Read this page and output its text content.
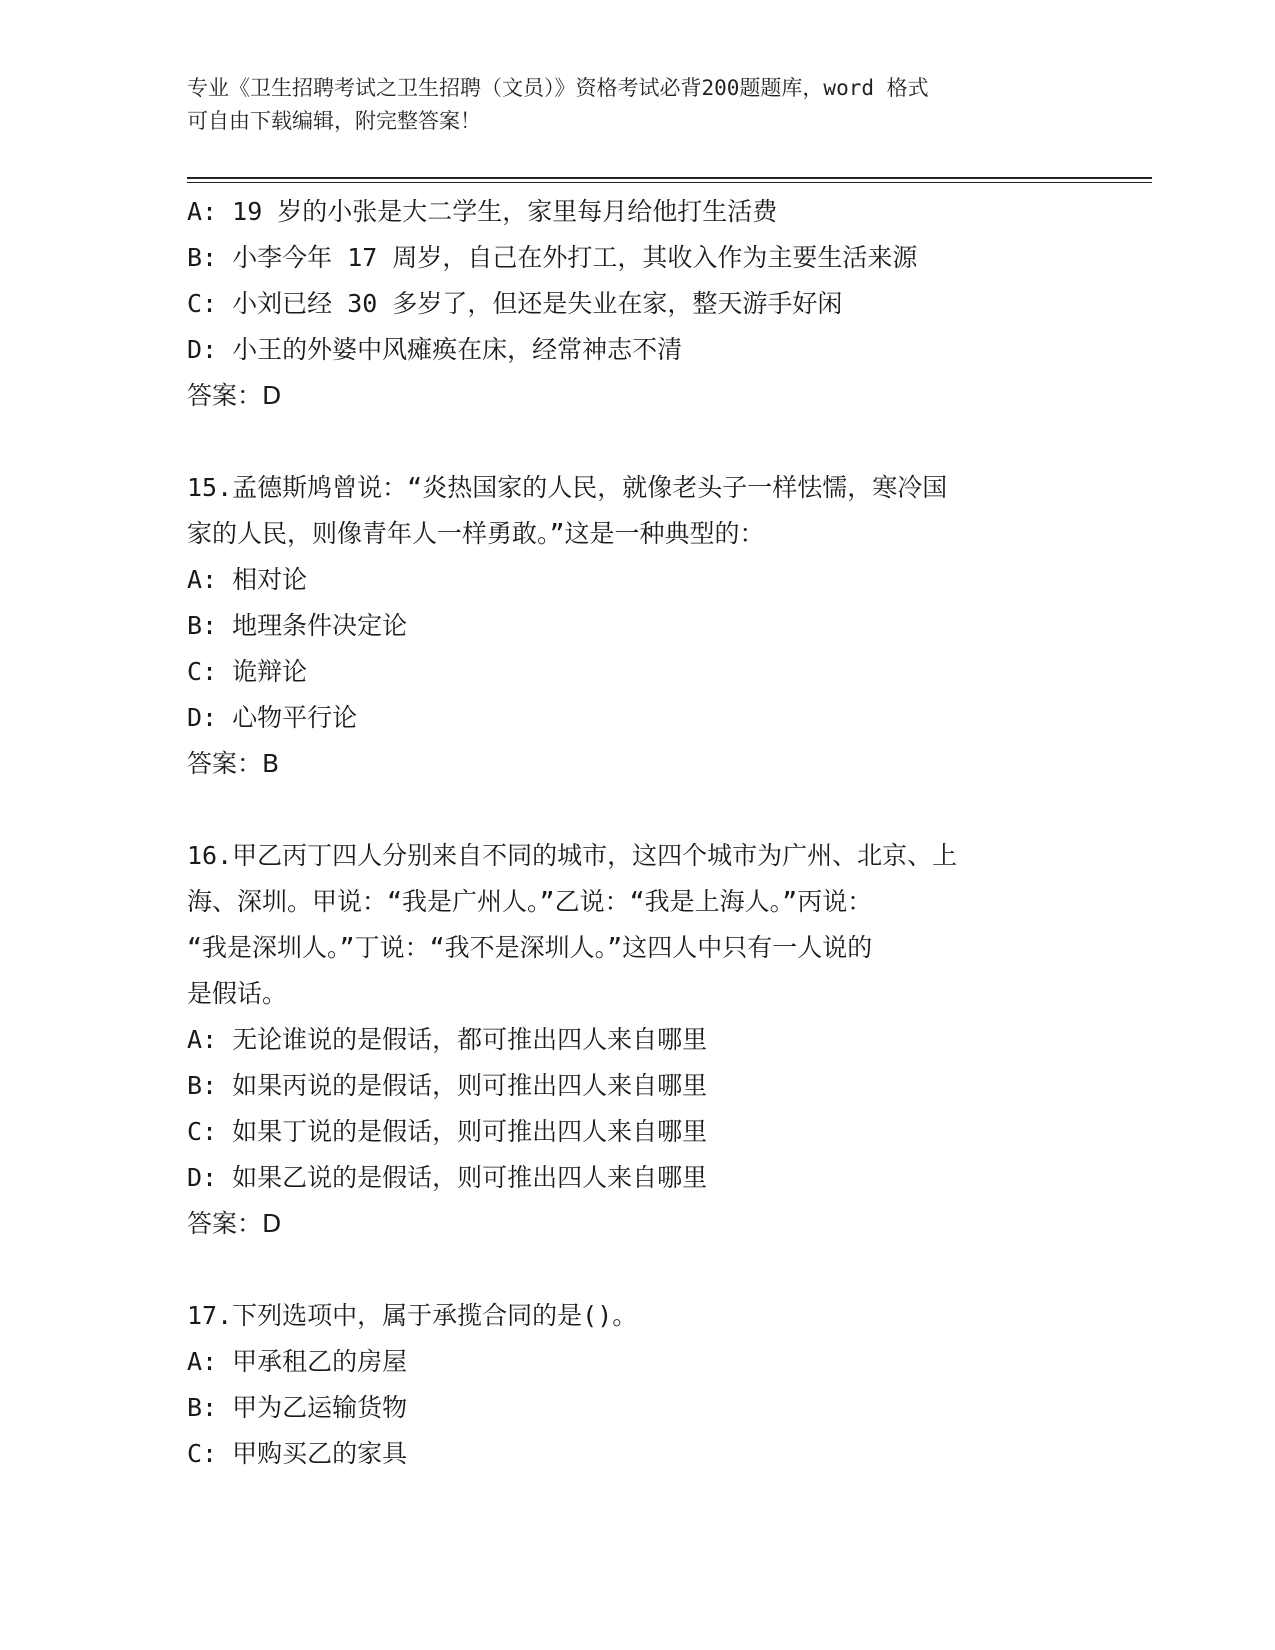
专业《卫生招聘考试之卫生招聘（文员）》资格考试必背200题题库，word 格式
可自由下载编辑，附完整答案！
A: 19 岁的小张是大二学生，家里每月给他打生活费
B: 小李今年 17 周岁，自己在外打工，其收入作为主要生活来源
C: 小刘已经 30 多岁了，但还是失业在家，整天游手好闲
D: 小王的外婆中风瘫痪在床，经常神志不清
答案：D
15.孟德斯鸠曾说：“炎热国家的人民，就像老头子一样怯懦，寒冷国
家的人民，则像青年人一样勇敢。”这是一种典型的：
A: 相对论
B: 地理条件决定论
C: 诡辩论
D: 心物平行论
答案：B
16.甲乙丙丁四人分别来自不同的城市，这四个城市为广州、北京、上
海、深圳。甲说：“我是广州人。”乙说：“我是上海人。”丙说：
“我是深圳人。”丁说：“我不是深圳人。”这四人中只有一人说的
是假话。
A: 无论谁说的是假话，都可推出四人来自哪里
B: 如果丙说的是假话，则可推出四人来自哪里
C: 如果丁说的是假话，则可推出四人来自哪里
D: 如果乙说的是假话，则可推出四人来自哪里
答案：D
17.下列选项中，属于承揽合同的是()。
A: 甲承租乙的房屋
B: 甲为乙运输货物
C: 甲购买乙的家具
